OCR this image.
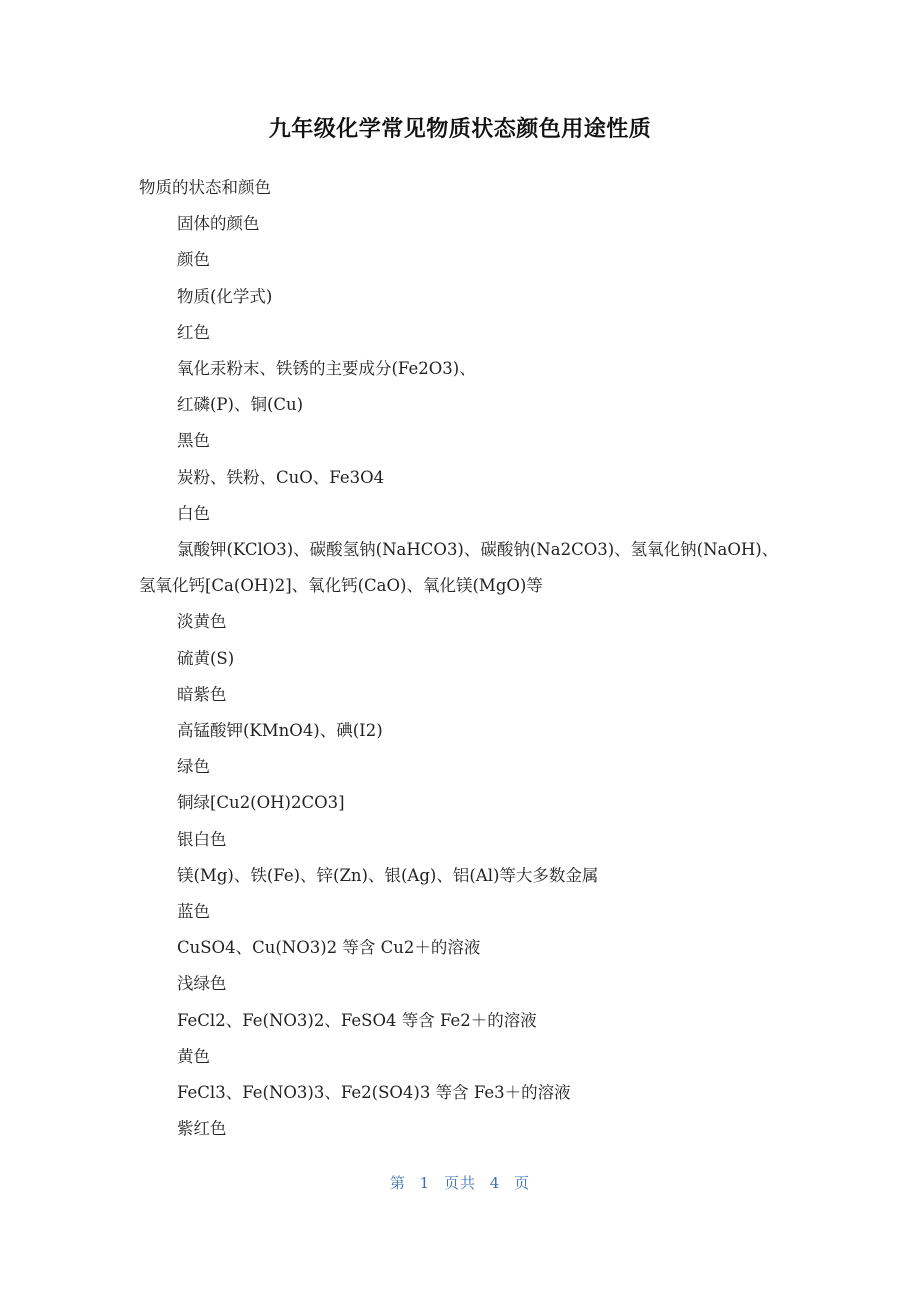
九年级化学常见物质状态颜色用途性质
物质的状态和颜色
固体的颜色
颜色
物质(化学式)
红色
氧化汞粉末、铁锈的主要成分(Fe2O3)、
红磷(P)、铜(Cu)
黑色
炭粉、铁粉、CuO、Fe3O4
白色
氯酸钾(KClO3)、碳酸氢钠(NaHCO3)、碳酸钠(Na2CO3)、氢氧化钠(NaOH)、氢氧化钙[Ca(OH)2]、氧化钙(CaO)、氧化镁(MgO)等
淡黄色
硫黄(S)
暗紫色
高锰酸钾(KMnO4)、碘(I2)
绿色
铜绿[Cu2(OH)2CO3]
银白色
镁(Mg)、铁(Fe)、锌(Zn)、银(Ag)、铝(Al)等大多数金属
蓝色
CuSO4、Cu(NO3)2 等含 Cu2＋的溶液
浅绿色
FeCl2、Fe(NO3)2、FeSO4 等含 Fe2＋的溶液
黄色
FeCl3、Fe(NO3)3、Fe2(SO4)3 等含 Fe3＋的溶液
紫红色
第 1 页共 4 页
